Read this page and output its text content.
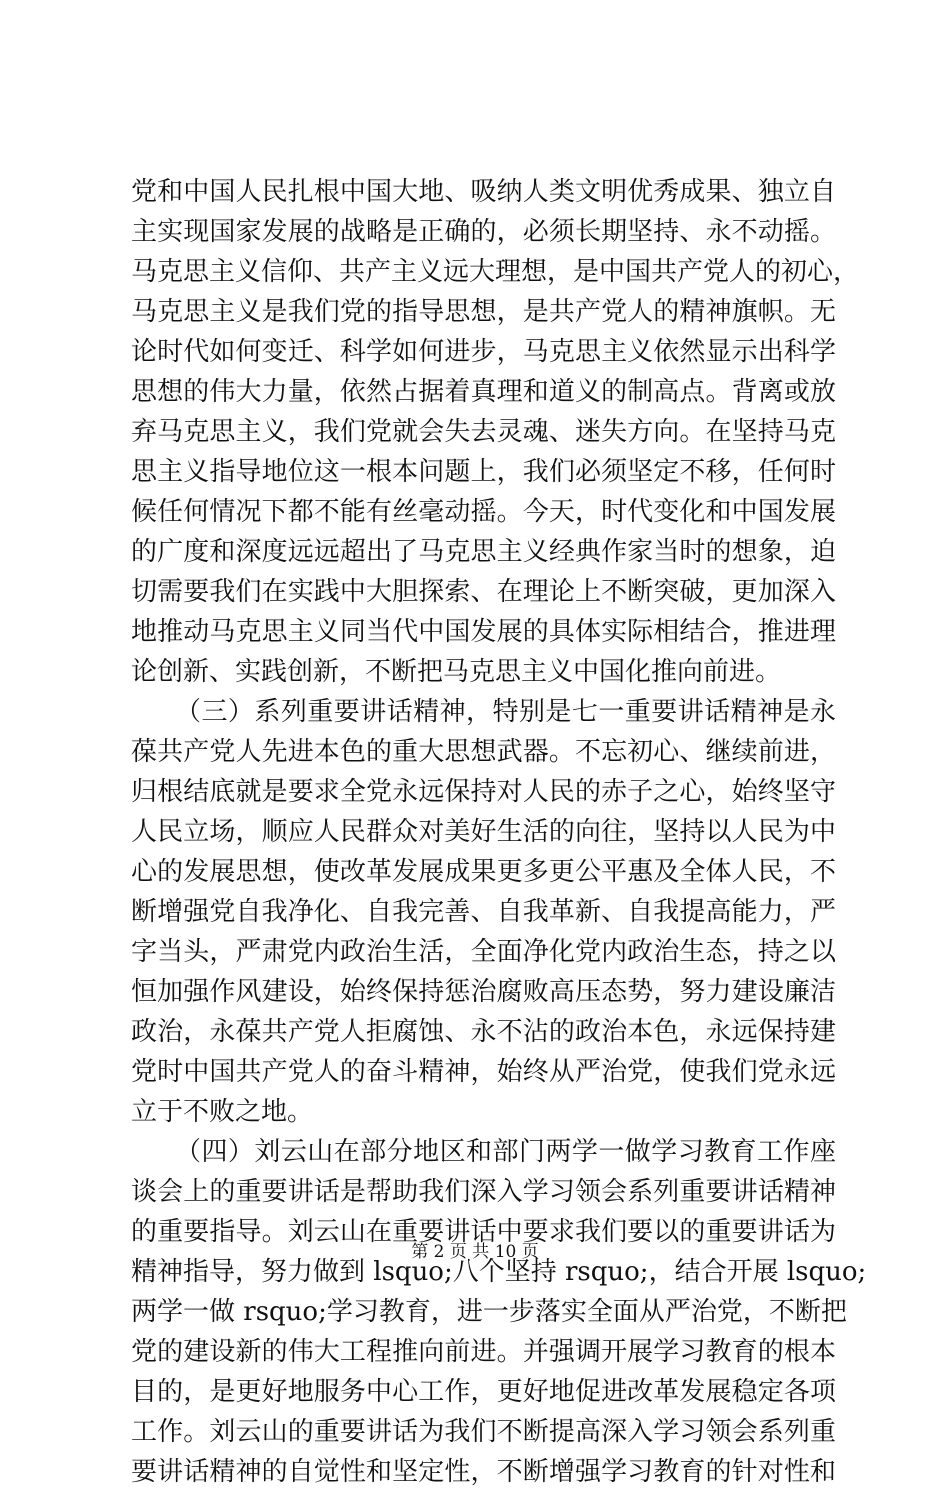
党和中国人民扎根中国大地、吸纳人类文明优秀成果、独立自
主实现国家发展的战略是正确的，必须长期坚持、永不动摇。
马克思主义信仰、共产主义远大理想，是中国共产党人的初心，
马克思主义是我们党的指导思想，是共产党人的精神旗帜。无
论时代如何变迁、科学如何进步，马克思主义依然显示出科学
思想的伟大力量，依然占据着真理和道义的制高点。背离或放
弃马克思主义，我们党就会失去灵魂、迷失方向。在坚持马克
思主义指导地位这一根本问题上，我们必须坚定不移，任何时
候任何情况下都不能有丝毫动摇。今天，时代变化和中国发展
的广度和深度远远超出了马克思主义经典作家当时的想象，迫
切需要我们在实践中大胆探索、在理论上不断突破，更加深入
地推动马克思主义同当代中国发展的具体实际相结合，推进理
论创新、实践创新，不断把马克思主义中国化推向前进。
（三）系列重要讲话精神，特别是七一重要讲话精神是永
葆共产党人先进本色的重大思想武器。不忘初心、继续前进，
归根结底就是要求全党永远保持对人民的赤子之心，始终坚守
人民立场，顺应人民群众对美好生活的向往，坚持以人民为中
心的发展思想，使改革发展成果更多更公平惠及全体人民，不
断增强党自我净化、自我完善、自我革新、自我提高能力，严
字当头，严肃党内政治生活，全面净化党内政治生态，持之以
恒加强作风建设，始终保持惩治腐败高压态势，努力建设廉洁
政治，永葆共产党人拒腐蚀、永不沾的政治本色，永远保持建
党时中国共产党人的奋斗精神，始终从严治党，使我们党永远
立于不败之地。
（四）刘云山在部分地区和部门两学一做学习教育工作座
谈会上的重要讲话是帮助我们深入学习领会系列重要讲话精神
的重要指导。刘云山在重要讲话中要求我们要以的重要讲话为
精神指导，努力做到 lsquo;八个坚持 rsquo;，结合开展 lsquo;
两学一做 rsquo;学习教育，进一步落实全面从严治党，不断把
党的建设新的伟大工程推向前进。并强调开展学习教育的根本
目的，是更好地服务中心工作，更好地促进改革发展稳定各项
工作。刘云山的重要讲话为我们不断提高深入学习领会系列重
要讲话精神的自觉性和坚定性，不断增强学习教育的针对性和
第 2 页 共 10 页
